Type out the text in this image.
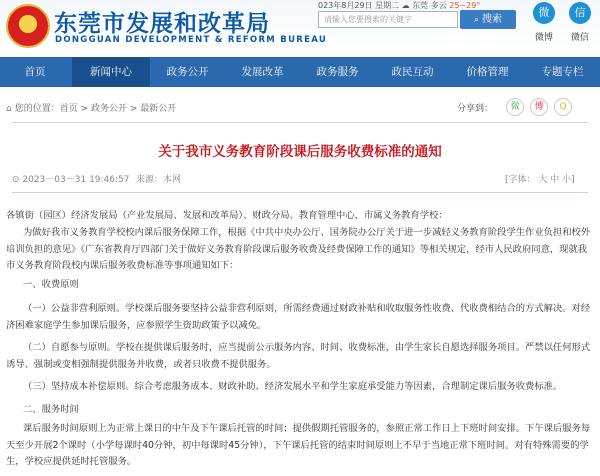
★ 东莞市发展和改革局
DONGGUAN DEVELOPMENT & REFORM BUREAU
023年8月29日 星期二 ☁ 东莞 多云 25~29°
请输入您要搜索的关键字	⌕ 搜索
微
微博
信
微信
首页	新闻中心	政务公开	发展改革	政务服务	政民互动	价格管理	专题专栏
⌂ 您的位置：首页 > 政务公开 > 最新公开	分享到：	微	博	Q
关于我市义务教育阶段课后服务收费标准的通知
⊙ 2023－03－31 19:46:57 来源：本网	[字体： 大 中 小]
各镇街（园区）经济发展局（产业发展局、发展和改革局）、财政分局、教育管理中心，市属义务教育学校：
为做好我市义务教育学校校内课后服务保障工作，根据《中共中央办公厅、国务院办公厅关于进一步减轻义务教育阶段学生作业负担和校外培训负担的意见》《广东省教育厅四部门关于做好义务教育阶段课后服务收费及经费保障工作的通知》等相关规定，经市人民政府同意，现就我市义务教育阶段校内课后服务收费标准等事项通知如下：
一、收费原则
（一）公益非营利原则。学校课后服务要坚持公益非营利原则，所需经费通过财政补贴和收取服务性收费、代收费相结合的方式解决。对经济困难家庭学生参加课后服务，应参照学生资助政策予以减免。
（二）自愿参与原则。学校在提供课后服务时，应当提前公示服务内容、时间、收费标准，由学生家长自愿选择服务项目。严禁以任何形式诱导、强制或变相强制提供服务并收费，或者只收费不提供服务。
（三）坚持成本补偿原则。综合考虑服务成本、财政补助、经济发展水平和学生家庭承受能力等因素，合理制定课后服务收费标准。
二、服务时间
课后服务时间原则上为正常上课日的中午及下午课后托管的时间；提供假期托管服务的，参照正常工作日上下班时间安排。下午课后服务每天至少开展2个课时（小学每课时40分钟，初中每课时45分钟），下午课后托管的结束时间原则上不早于当地正常下班时间。对有特殊需要的学生，学校应提供延时托管服务。
